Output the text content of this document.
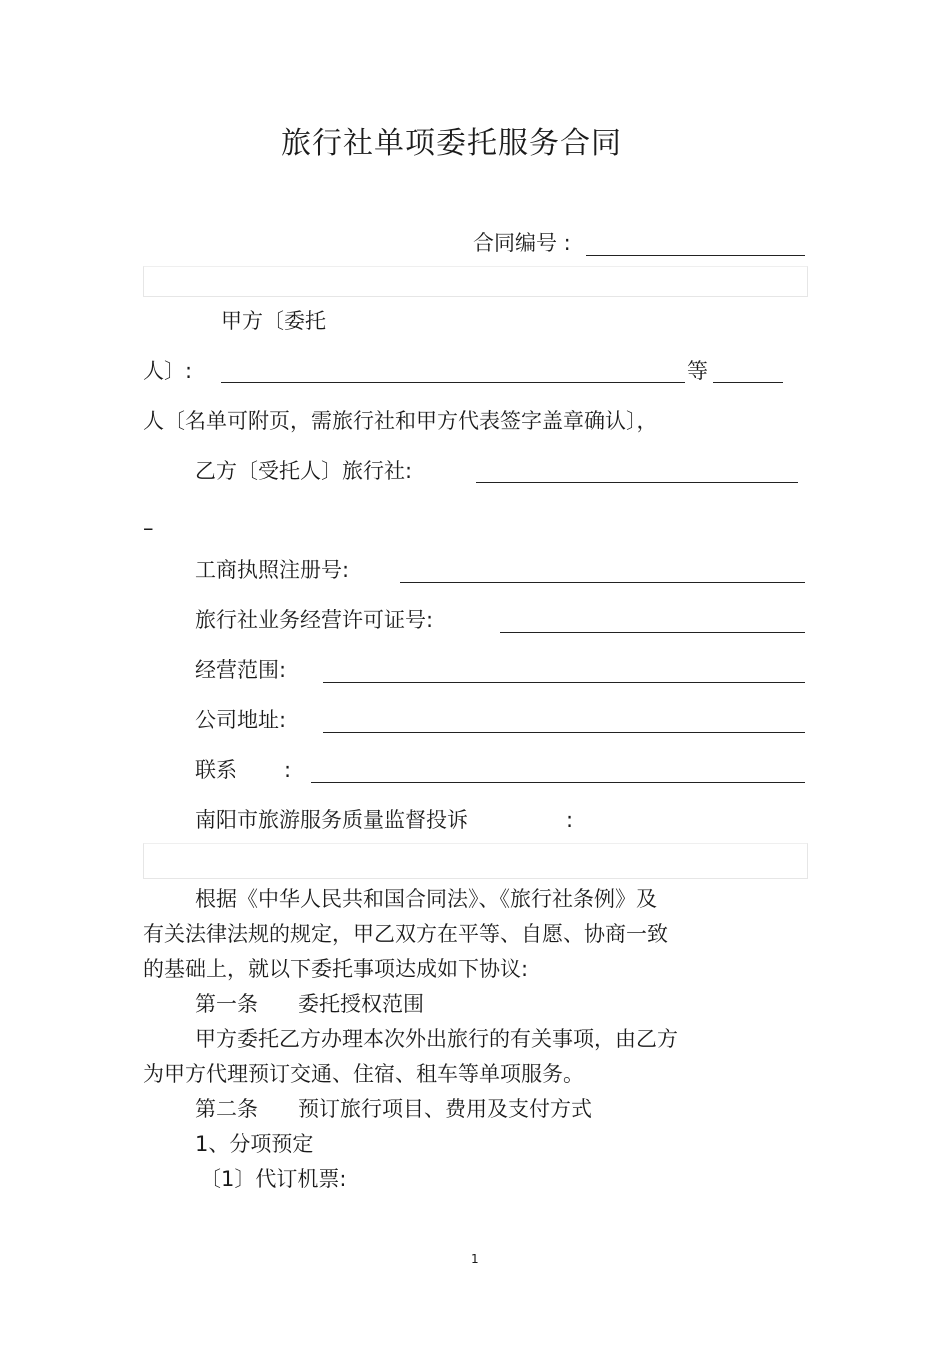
旅行社单项委托服务合同
合同编号 :
甲方〔委托
人〕:	等
人〔名单可附页，需旅行社和甲方代表签字盖章确认〕，
乙方〔受托人〕旅行社:
–
工商执照注册号:
旅行社业务经营许可证号:
经营范围:
公司地址:
联系 :
南阳市旅游服务质量监督投诉	:
根据《中华人民共和国合同法》、《旅行社条例》及
有关法律法规的规定，甲乙双方在平等、自愿、协商一致
的基础上，就以下委托事项达成如下协议:
第一条 委托授权范围
甲方委托乙方办理本次外出旅行的有关事项，由乙方
为甲方代理预订交通、住宿、租车等单项服务。
第二条 预订旅行项目、费用及支付方式
1、分项预定
〔1〕代订机票:
1
